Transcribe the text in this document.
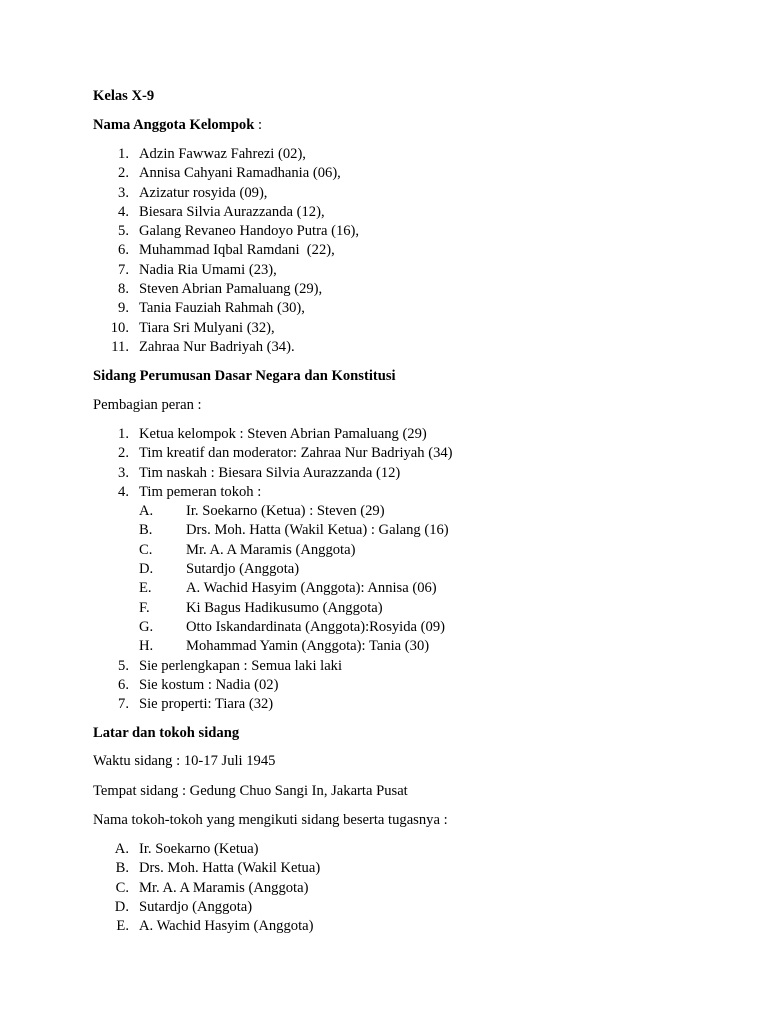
Kelas X-9
Nama Anggota Kelompok :
1. Adzin Fawwaz Fahrezi (02),
2. Annisa Cahyani Ramadhania (06),
3. Azizatur rosyida (09),
4. Biesara Silvia Aurazzanda (12),
5. Galang Revaneo Handoyo Putra (16),
6. Muhammad Iqbal Ramdani  (22),
7. Nadia Ria Umami (23),
8. Steven Abrian Pamaluang (29),
9. Tania Fauziah Rahmah (30),
10. Tiara Sri Mulyani (32),
11. Zahraa Nur Badriyah (34).
Sidang Perumusan Dasar Negara dan Konstitusi
Pembagian peran :
1. Ketua kelompok : Steven Abrian Pamaluang (29)
2. Tim kreatif dan moderator: Zahraa Nur Badriyah (34)
3. Tim naskah : Biesara Silvia Aurazzanda (12)
4. Tim pemeran tokoh :
A. Ir. Soekarno (Ketua) : Steven (29)
B. Drs. Moh. Hatta (Wakil Ketua) : Galang (16)
C. Mr. A. A Maramis (Anggota)
D. Sutardjo (Anggota)
E. A. Wachid Hasyim (Anggota): Annisa (06)
F. Ki Bagus Hadikusumo (Anggota)
G. Otto Iskandardinata (Anggota):Rosyida (09)
H. Mohammad Yamin (Anggota): Tania (30)
5. Sie perlengkapan : Semua laki laki
6. Sie kostum : Nadia (02)
7. Sie properti: Tiara (32)
Latar dan tokoh sidang
Waktu sidang : 10-17 Juli 1945
Tempat sidang : Gedung Chuo Sangi In, Jakarta Pusat
Nama tokoh-tokoh yang mengikuti sidang beserta tugasnya :
A. Ir. Soekarno (Ketua)
B. Drs. Moh. Hatta (Wakil Ketua)
C. Mr. A. A Maramis (Anggota)
D. Sutardjo (Anggota)
E. A. Wachid Hasyim (Anggota)
